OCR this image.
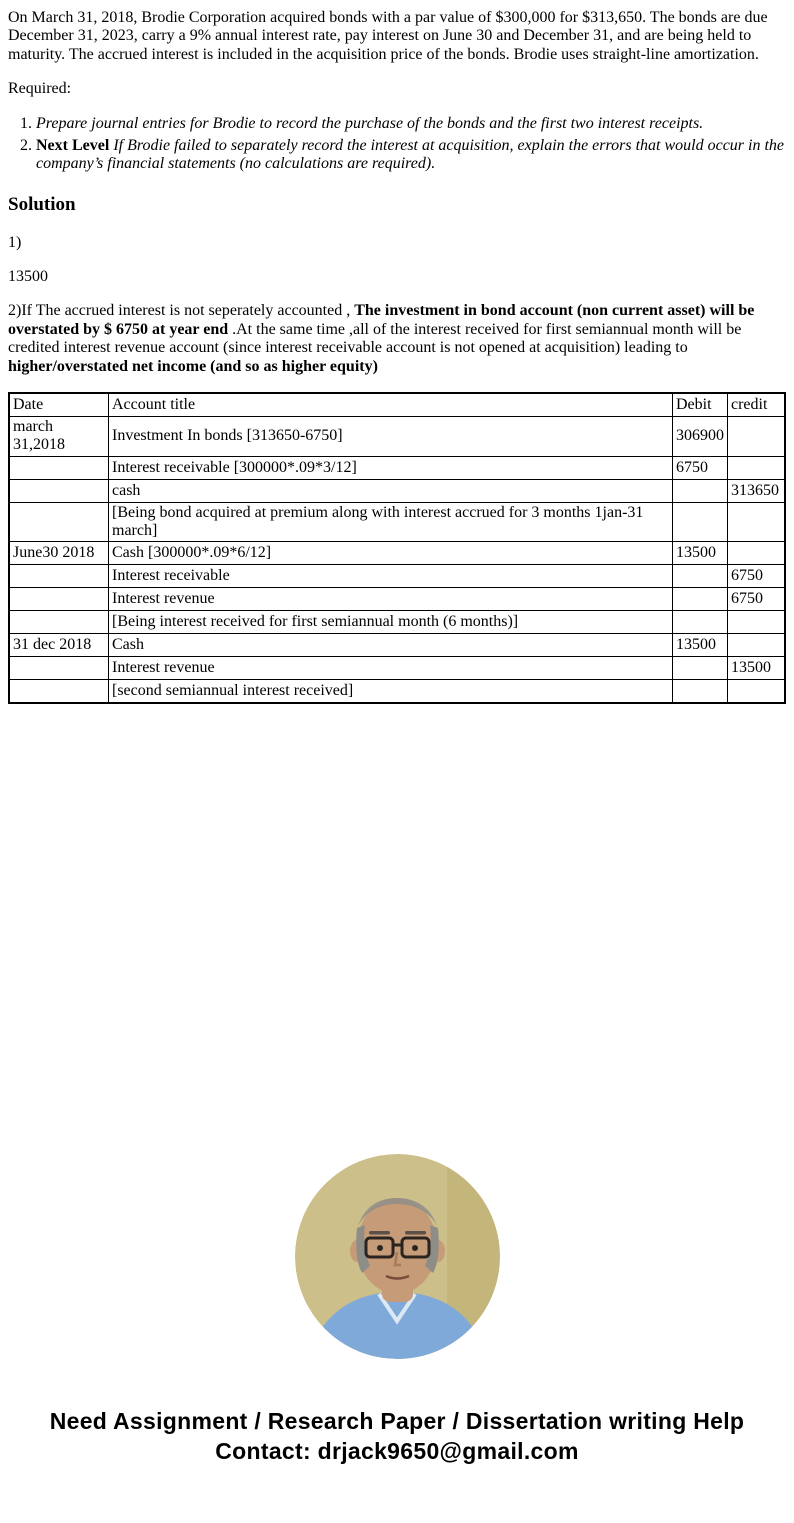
On March 31, 2018, Brodie Corporation acquired bonds with a par value of $300,000 for $313,650. The bonds are due December 31, 2023, carry a 9% annual interest rate, pay interest on June 30 and December 31, and are being held to maturity. The accrued interest is included in the acquisition price of the bonds. Brodie uses straight-line amortization.

Required:

1. Prepare journal entries for Brodie to record the purchase of the bonds and the first two interest receipts.
2. Next Level If Brodie failed to separately record the interest at acquisition, explain the errors that would occur in the company’s financial statements (no calculations are required).
Solution

1)

13500

2)If The accrued interest is not seperately accounted , The investment in bond account (non current asset) will be overstated by $ 6750 at year end .At the same time ,all of the interest received for first semiannual month will be credited interest revenue account (since interest receivable account is not opened at acquisition) leading to higher/overstated net income (and so as higher equity)

Date	Account title	Debit	credit
march 31,2018	Investment In bonds [313650-6750]	306900	
	Interest receivable [300000*.09*3/12]	6750	
	cash		313650
	[Being bond acquired at premium along with interest accrued for 3 months 1jan-31 march]		
June30 2018	Cash [300000*.09*6/12]	13500	
	Interest receivable		6750
	Interest revenue		6750
	[Being interest received for first semiannual month (6 months)]		
31 dec 2018	Cash	13500	
	Interest revenue		13500
	[second semiannual interest received]		
Need Assignment / Research Paper / Dissertation writing Help
Contact: drjack9650@gmail.com
